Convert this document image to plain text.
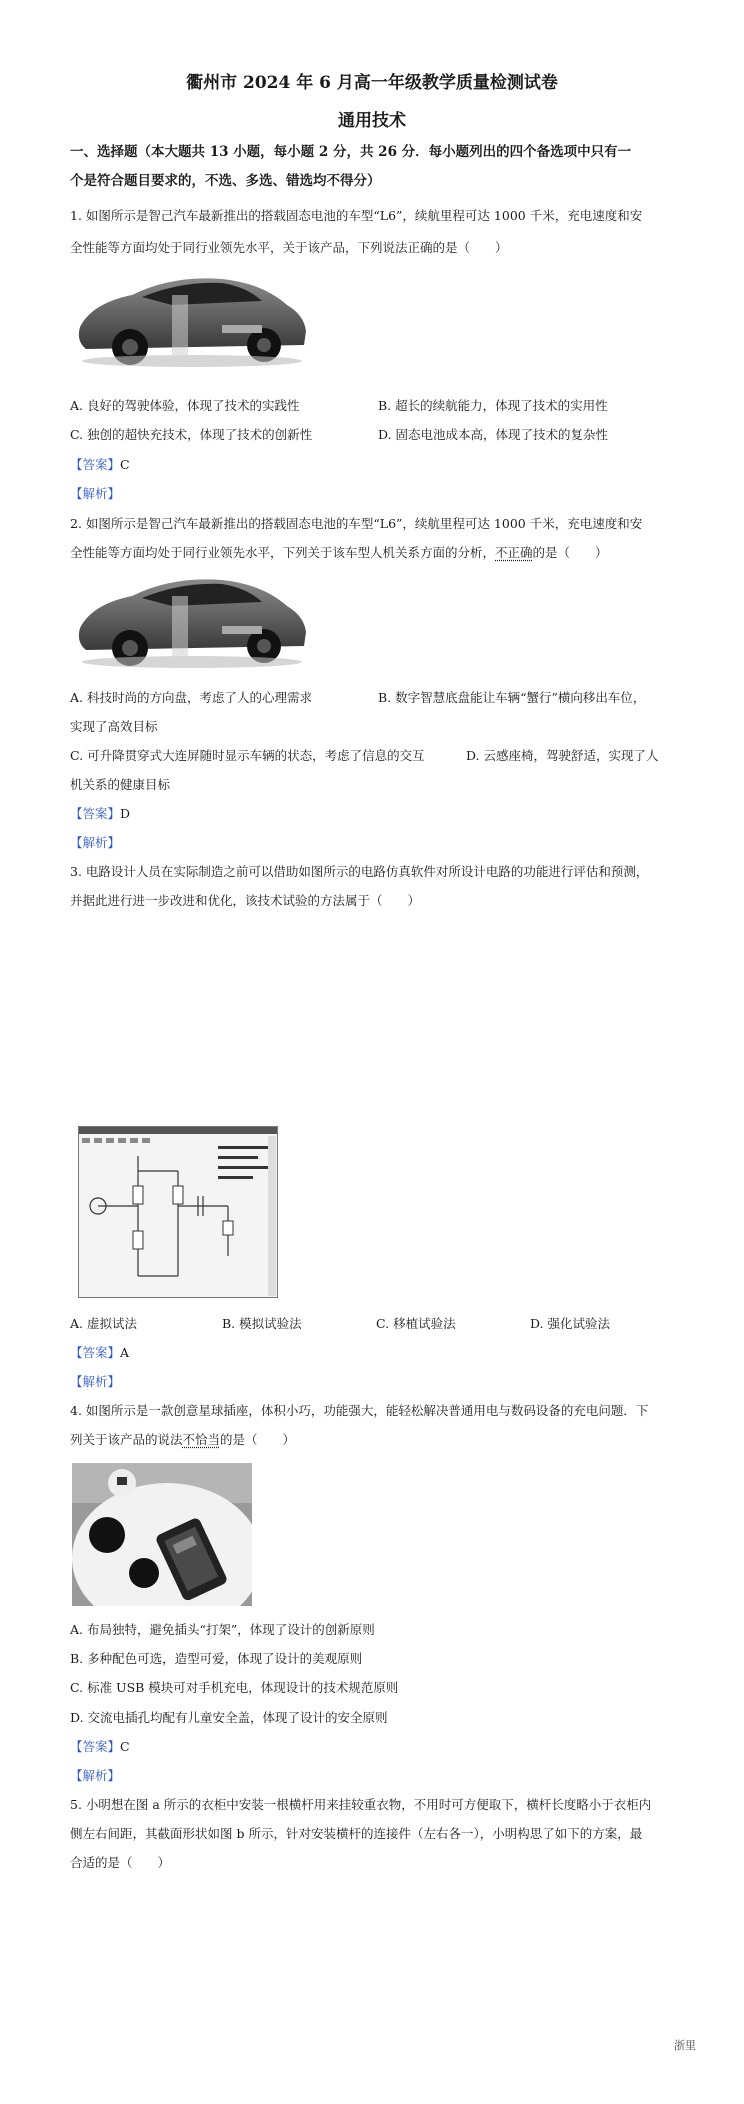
衢州市 2024 年 6 月高一年级教学质量检测试卷
通用技术
一、选择题（本大题共 13 小题，每小题 2 分，共 26 分．每小题列出的四个备选项中只有一
个是符合题目要求的，不选、多选、错选均不得分）
1. 如图所示是智己汽车最新推出的搭载固态电池的车型“L6”，续航里程可达 1000 千米，充电速度和安
全性能等方面均处于同行业领先水平，关于该产品，下列说法正确的是（　　）
A. 良好的驾驶体验，体现了技术的实践性	B. 超长的续航能力，体现了技术的实用性
C. 独创的超快充技术，体现了技术的创新性	D. 固态电池成本高，体现了技术的复杂性
【答案】C
【解析】
2. 如图所示是智己汽车最新推出的搭载固态电池的车型“L6”，续航里程可达 1000 千米，充电速度和安
全性能等方面均处于同行业领先水平，下列关于该车型人机关系方面的分析，不正确的是（　　）
A. 科技时尚的方向盘，考虑了人的心理需求	B. 数字智慧底盘能让车辆“蟹行”横向移出车位，
实现了高效目标
C. 可升降贯穿式大连屏随时显示车辆的状态，考虑了信息的交互	D. 云感座椅，驾驶舒适，实现了人
机关系的健康目标
【答案】D
【解析】
3. 电路设计人员在实际制造之前可以借助如图所示的电路仿真软件对所设计电路的功能进行评估和预测，
并据此进行进一步改进和优化，该技术试验的方法属于（　　）
A. 虚拟试法	B. 模拟试验法	C. 移植试验法	D. 强化试验法
【答案】A
【解析】
4. 如图所示是一款创意星球插座，体积小巧，功能强大，能轻松解决普通用电与数码设备的充电问题．下
列关于该产品的说法不恰当的是（　　）
A. 布局独特，避免插头“打架”，体现了设计的创新原则
B. 多种配色可选，造型可爱，体现了设计的美观原则
C. 标准 USB 模块可对手机充电，体现设计的技术规范原则
D. 交流电插孔均配有儿童安全盖，体现了设计的安全原则
【答案】C
【解析】
5. 小明想在图 a 所示的衣柜中安装一根横杆用来挂较重衣物，不用时可方便取下，横杆长度略小于衣柜内
侧左右间距，其截面形状如图 b 所示，针对安装横杆的连接件（左右各一），小明构思了如下的方案，最
合适的是（　　）
浙里
